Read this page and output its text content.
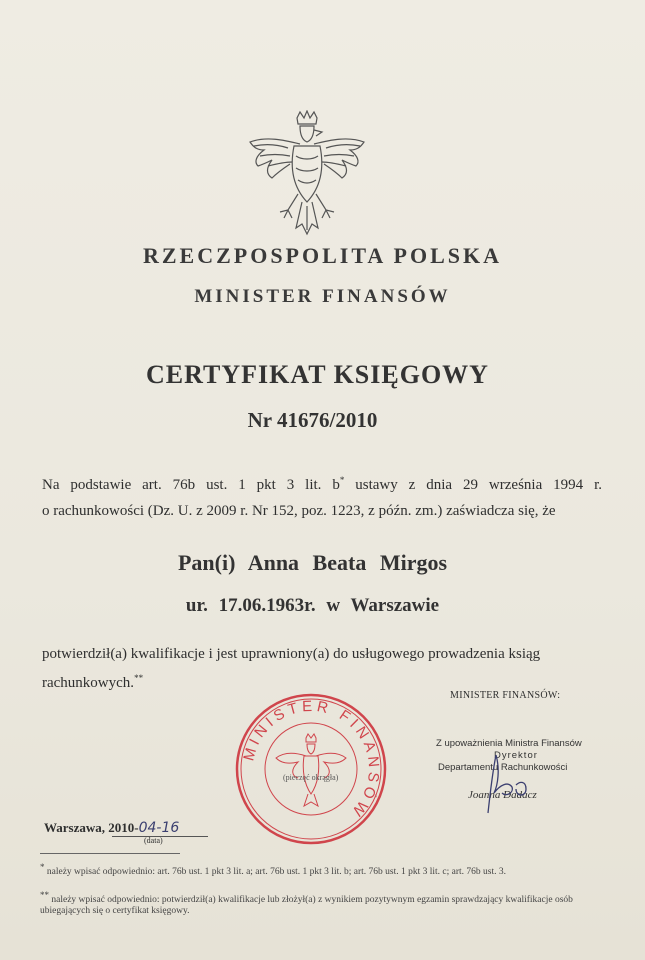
RZECZPOSPOLITA POLSKA
MINISTER FINANSÓW
CERTYFIKAT KSIĘGOWY
Nr 41676/2010
Na podstawie art. 76b ust. 1 pkt 3 lit. b* ustawy z dnia 29 września 1994 r.
o rachunkowości (Dz. U. z 2009 r. Nr 152, poz. 1223, z późn. zm.) zaświadcza się, że
Pan(i) Anna Beata Mirgos
ur. 17.06.1963r. w Warszawie
potwierdził(a) kwalifikacje i jest uprawniony(a) do usługowego prowadzenia ksiąg
rachunkowych.**
MINISTER FINANSÓW:
Z upoważnienia Ministra Finansów
Dyrektor
Departamentu Rachunkowości
Joanna Dadacz
MINISTER FINANSÓW
(pieczęć okrągła)
Warszawa, 2010-04-16
(data)
* należy wpisać odpowiednio: art. 76b ust. 1 pkt 3 lit. a; art. 76b ust. 1 pkt 3 lit. b; art. 76b ust. 1 pkt 3 lit. c; art. 76b ust. 3.
** należy wpisać odpowiednio: potwierdził(a) kwalifikacje lub złożył(a) z wynikiem pozytywnym egzamin sprawdzający kwalifikacje osób ubiegających się o certyfikat księgowy.
